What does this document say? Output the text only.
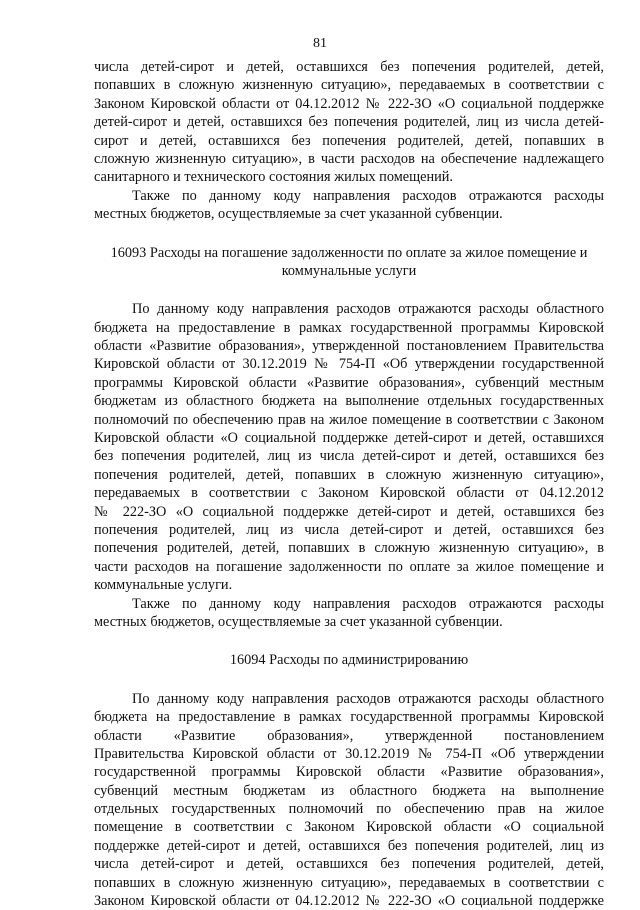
81
числа детей-сирот и детей, оставшихся без попечения родителей, детей,
попавших в сложную жизненную ситуацию», передаваемых в соответствии с
Законом Кировской области от 04.12.2012 № 222-ЗО «О социальной поддержке
детей-сирот и детей, оставшихся без попечения родителей, лиц из числа детей-
сирот и детей, оставшихся без попечения родителей, детей, попавших в
сложную жизненную ситуацию», в части расходов на обеспечение надлежащего
санитарного и технического состояния жилых помещений.
Также по данному коду направления расходов отражаются расходы
местных бюджетов, осуществляемые за счет указанной субвенции.
16093 Расходы на погашение задолженности по оплате за жилое помещение и
коммунальные услуги
По данному коду направления расходов отражаются расходы областного
бюджета на предоставление в рамках государственной программы Кировской
области «Развитие образования», утвержденной постановлением Правительства
Кировской области от 30.12.2019 № 754-П «Об утверждении государственной
программы Кировской области «Развитие образования», субвенций местным
бюджетам из областного бюджета на выполнение отдельных государственных
полномочий по обеспечению прав на жилое помещение в соответствии с Законом
Кировской области «О социальной поддержке детей-сирот и детей, оставшихся
без попечения родителей, лиц из числа детей-сирот и детей, оставшихся без
попечения родителей, детей, попавших в сложную жизненную ситуацию»,
передаваемых в соответствии с Законом Кировской области от 04.12.2012
№ 222-ЗО «О социальной поддержке детей-сирот и детей, оставшихся без
попечения родителей, лиц из числа детей-сирот и детей, оставшихся без
попечения родителей, детей, попавших в сложную жизненную ситуацию», в
части расходов на погашение задолженности по оплате за жилое помещение и
коммунальные услуги.
Также по данному коду направления расходов отражаются расходы
местных бюджетов, осуществляемые за счет указанной субвенции.
16094 Расходы по администрированию
По данному коду направления расходов отражаются расходы областного
бюджета на предоставление в рамках государственной программы Кировской
области «Развитие образования», утвержденной постановлением
Правительства Кировской области от 30.12.2019 № 754-П «Об утверждении
государственной программы Кировской области «Развитие образования»,
субвенций местным бюджетам из областного бюджета на выполнение
отдельных государственных полномочий по обеспечению прав на жилое
помещение в соответствии с Законом Кировской области «О социальной
поддержке детей-сирот и детей, оставшихся без попечения родителей, лиц из
числа детей-сирот и детей, оставшихся без попечения родителей, детей,
попавших в сложную жизненную ситуацию», передаваемых в соответствии с
Законом Кировской области от 04.12.2012 № 222-ЗО «О социальной поддержке
